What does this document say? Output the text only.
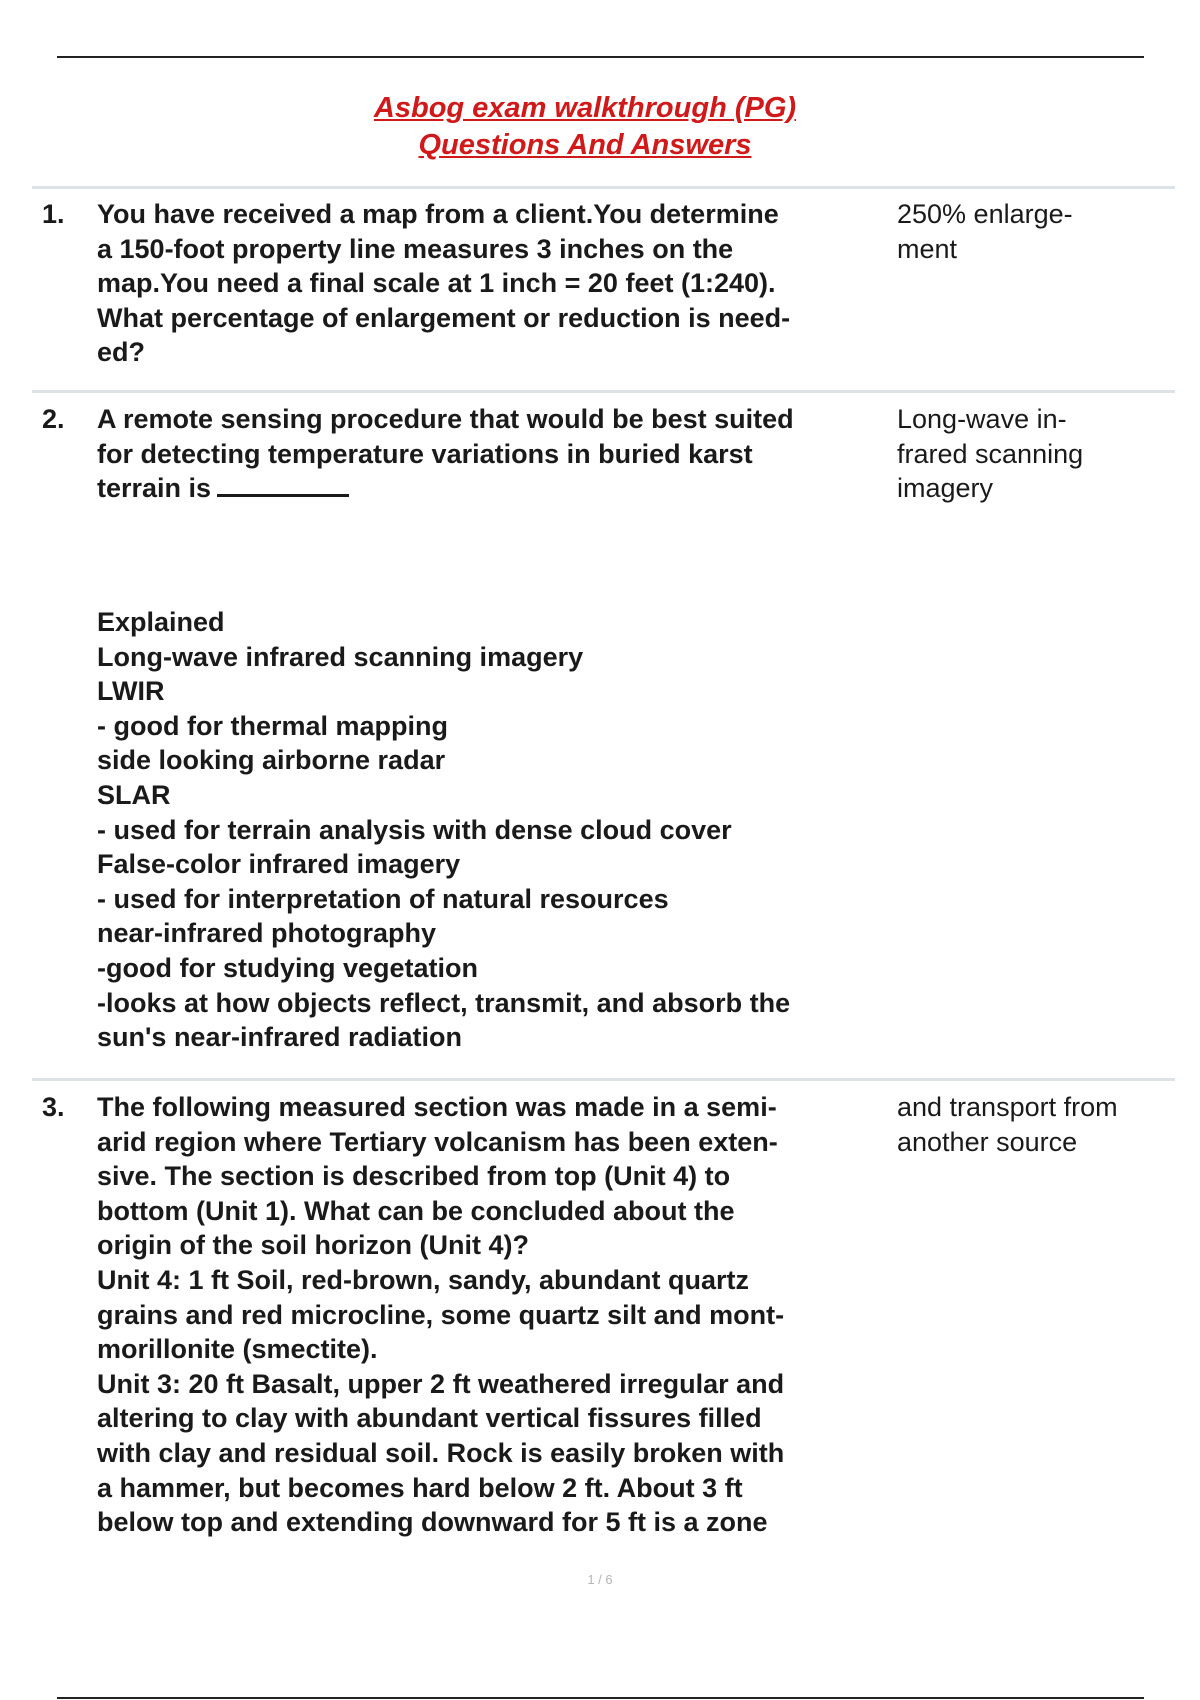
Asbog exam walkthrough (PG)
Questions And Answers
1. You have received a map from a client.You determine
a 150-foot property line measures 3 inches on the
map.You need a final scale at 1 inch = 20 feet (1:240).
What percentage of enlargement or reduction is need-
ed?
250% enlarge-
ment
2. A remote sensing procedure that would be best suited
for detecting temperature variations in buried karst
terrain is
Long-wave in-
frared scanning
imagery
Explained
Long-wave infrared scanning imagery
LWIR
- good for thermal mapping
side looking airborne radar
SLAR
- used for terrain analysis with dense cloud cover
False-color infrared imagery
- used for interpretation of natural resources
near-infrared photography
-good for studying vegetation
-looks at how objects reflect, transmit, and absorb the
sun's near-infrared radiation
3. The following measured section was made in a semi-
arid region where Tertiary volcanism has been exten-
sive. The section is described from top (Unit 4) to
bottom (Unit 1). What can be concluded about the
origin of the soil horizon (Unit 4)?
Unit 4: 1 ft Soil, red-brown, sandy, abundant quartz
grains and red microcline, some quartz silt and mont-
morillonite (smectite).
Unit 3: 20 ft Basalt, upper 2 ft weathered irregular and
altering to clay with abundant vertical fissures filled
with clay and residual soil. Rock is easily broken with
a hammer, but becomes hard below 2 ft. About 3 ft
below top and extending downward for 5 ft is a zone
and transport from
another source
1 / 6
